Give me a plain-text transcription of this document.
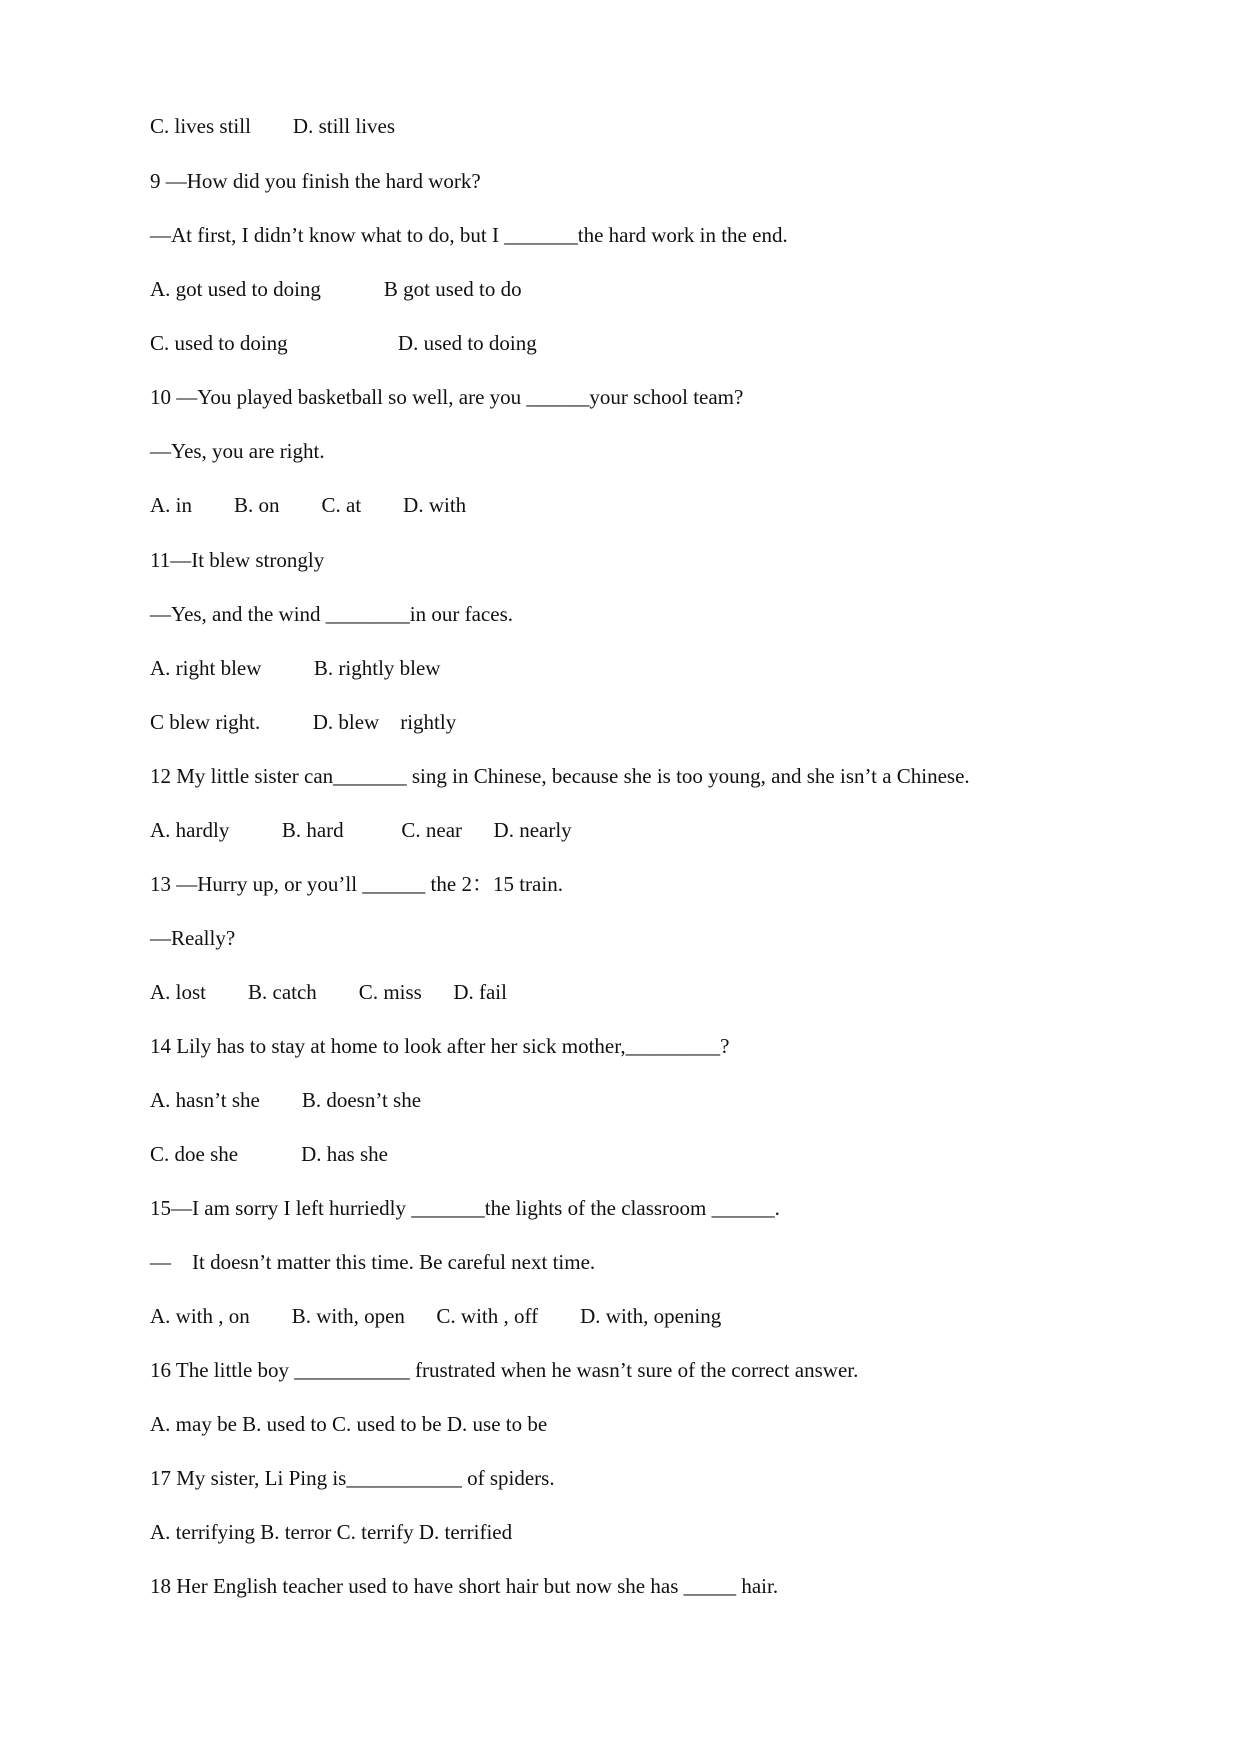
C. lives still        D. still lives
9 —How did you finish the hard work?
—At first, I didn’t know what to do, but I _______the hard work in the end.
A. got used to doing            B got used to do
C. used to doing                     D. used to doing
10 —You played basketball so well, are you ______your school team?
—Yes, you are right.
A. in        B. on        C. at        D. with
11—It blew strongly
—Yes, and the wind ________in our faces.
A. right blew          B. rightly blew
C blew right.          D. blew    rightly
12 My little sister can_______ sing in Chinese, because she is too young, and she isn’t a Chinese.
A. hardly          B. hard           C. near      D. nearly
13 —Hurry up, or you’ll ______ the 2：15 train.
—Really?
A. lost        B. catch        C. miss      D. fail
14 Lily has to stay at home to look after her sick mother,_________?
A. hasn’t she        B. doesn’t she
C. doe she            D. has she
15—I am sorry I left hurriedly _______the lights of the classroom ______.
—    It doesn’t matter this time. Be careful next time.
A. with , on        B. with, open      C. with , off        D. with, opening
16 The little boy ___________ frustrated when he wasn’t sure of the correct answer.
A. may be B. used to C. used to be D. use to be
17 My sister, Li Ping is___________ of spiders.
A. terrifying B. terror C. terrify D. terrified
18 Her English teacher used to have short hair but now she has _____ hair.
